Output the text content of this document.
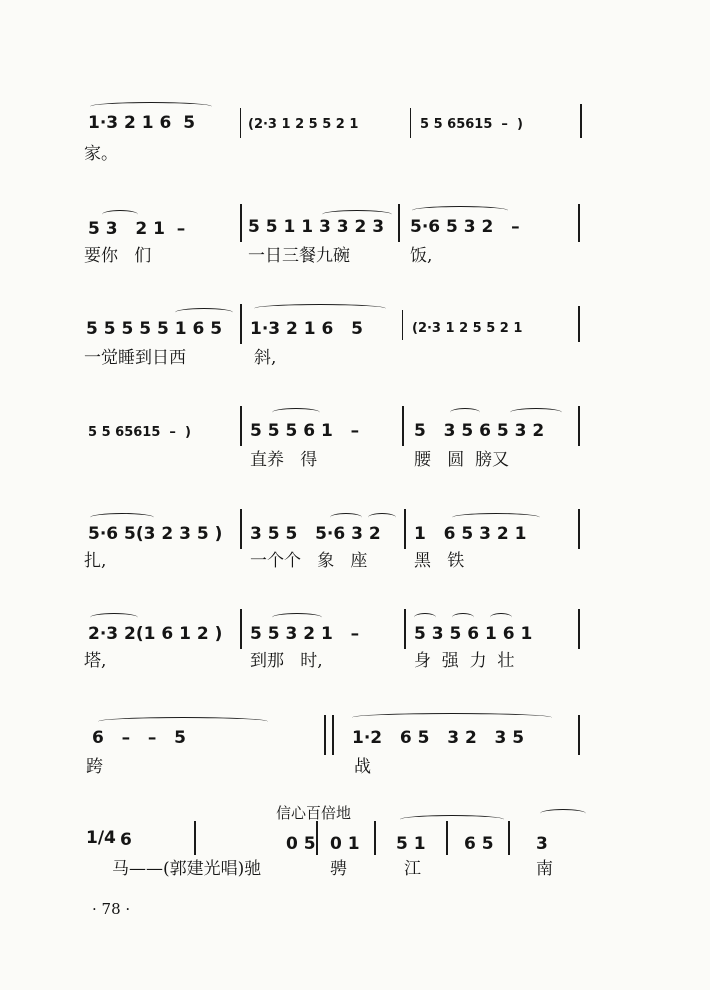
1·3 2 1 6  5	(2·3 1 2 5 5 2 1	5 5 65615  –  )
家。
5 3   2 1  –	5 5 1 1 3 3 2 3 5·6 5 3 2   –
要你   们	一日三餐九碗	饭,
5 5 5 5 5 1 6 5 1·3 2 1 6   5	(2·3 1 2 5 5 2 1
一觉睡到日西	斜,
5 5 65615  –  )	5 5 5 6 1   –	5   3 5 6 5 3 2
直养   得	腰   圆  膀又
5·6 5(3 2 3 5 ) 3 5 5   5·6 3 2 1   6 5 3 2 1
扎,	一个个   象   座	黑   铁
2·3 2(1 6 1 2 ) 5 5 3 2 1   –	5 3 5 6 1 6 1
塔,	到那   时,	身  强  力  壮
6   –   –   5	1·2   6 5   3 2   3 5
跨	战
信心百倍地
1/4 6	0 5 0 1 5 1 6 5 3
马——(郭建光唱)驰	骋	江	南
· 78 ·
